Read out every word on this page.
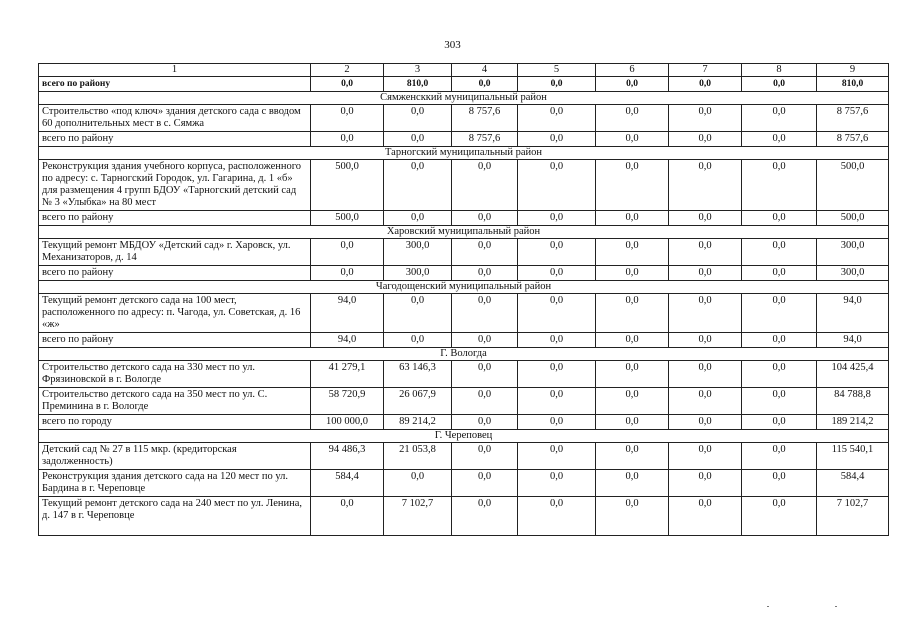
303
1	2	3	4	5	6	7	8	9
всего по району	0,0	810,0	0,0	0,0	0,0	0,0	0,0	810,0
Сямженсккий муниципальный район								
Строительство «под ключ» здания детского сада с вводом 60 дополнительных мест в с. Сямжа	0,0	0,0	8 757,6	0,0	0,0	0,0	0,0	8 757,6
всего по району	0,0	0,0	8 757,6	0,0	0,0	0,0	0,0	8 757,6
Тарногский муниципальный район								
Реконструкция здания учебного корпуса, расположенного по адресу: с. Тарногский Городок, ул. Гагарина, д. 1 «б» для размещения 4 групп БДОУ «Тарногский детский сад № 3 «Улыбка» на 80 мест	500,0	0,0	0,0	0,0	0,0	0,0	0,0	500,0
всего по району	500,0	0,0	0,0	0,0	0,0	0,0	0,0	500,0
Харовский муниципальный район								
Текущий ремонт МБДОУ «Детский сад» г. Харовск, ул. Механизаторов, д. 14	0,0	300,0	0,0	0,0	0,0	0,0	0,0	300,0
всего по району	0,0	300,0	0,0	0,0	0,0	0,0	0,0	300,0
Чагодощенский муниципальный район								
Текущий ремонт детского сада на 100 мест, расположенного по адресу: п. Чагода, ул. Советская, д. 16 «ж»	94,0	0,0	0,0	0,0	0,0	0,0	0,0	94,0
всего по району	94,0	0,0	0,0	0,0	0,0	0,0	0,0	94,0
Г. Вологда								
Строительство детского сада на 330 мест по ул. Фрязиновской в г. Вологде	41 279,1	63 146,3	0,0	0,0	0,0	0,0	0,0	104 425,4
Строительство детского сада на 350 мест по ул. С. Преминина в г. Вологде	58 720,9	26 067,9	0,0	0,0	0,0	0,0	0,0	84 788,8
всего по городу	100 000,0	89 214,2	0,0	0,0	0,0	0,0	0,0	189 214,2
Г. Череповец								
Детский сад № 27 в 115 мкр. (кредиторская задолженность)	94 486,3	21 053,8	0,0	0,0	0,0	0,0	0,0	115 540,1
Реконструкция здания детского сада на 120 мест по ул. Бардина в г. Череповце	584,4	0,0	0,0	0,0	0,0	0,0	0,0	584,4
Текущий ремонт детского сада на 240 мест по ул. Ленина, д. 147 в г. Череповце	0,0	7 102,7	0,0	0,0	0,0	0,0	0,0	7 102,7
